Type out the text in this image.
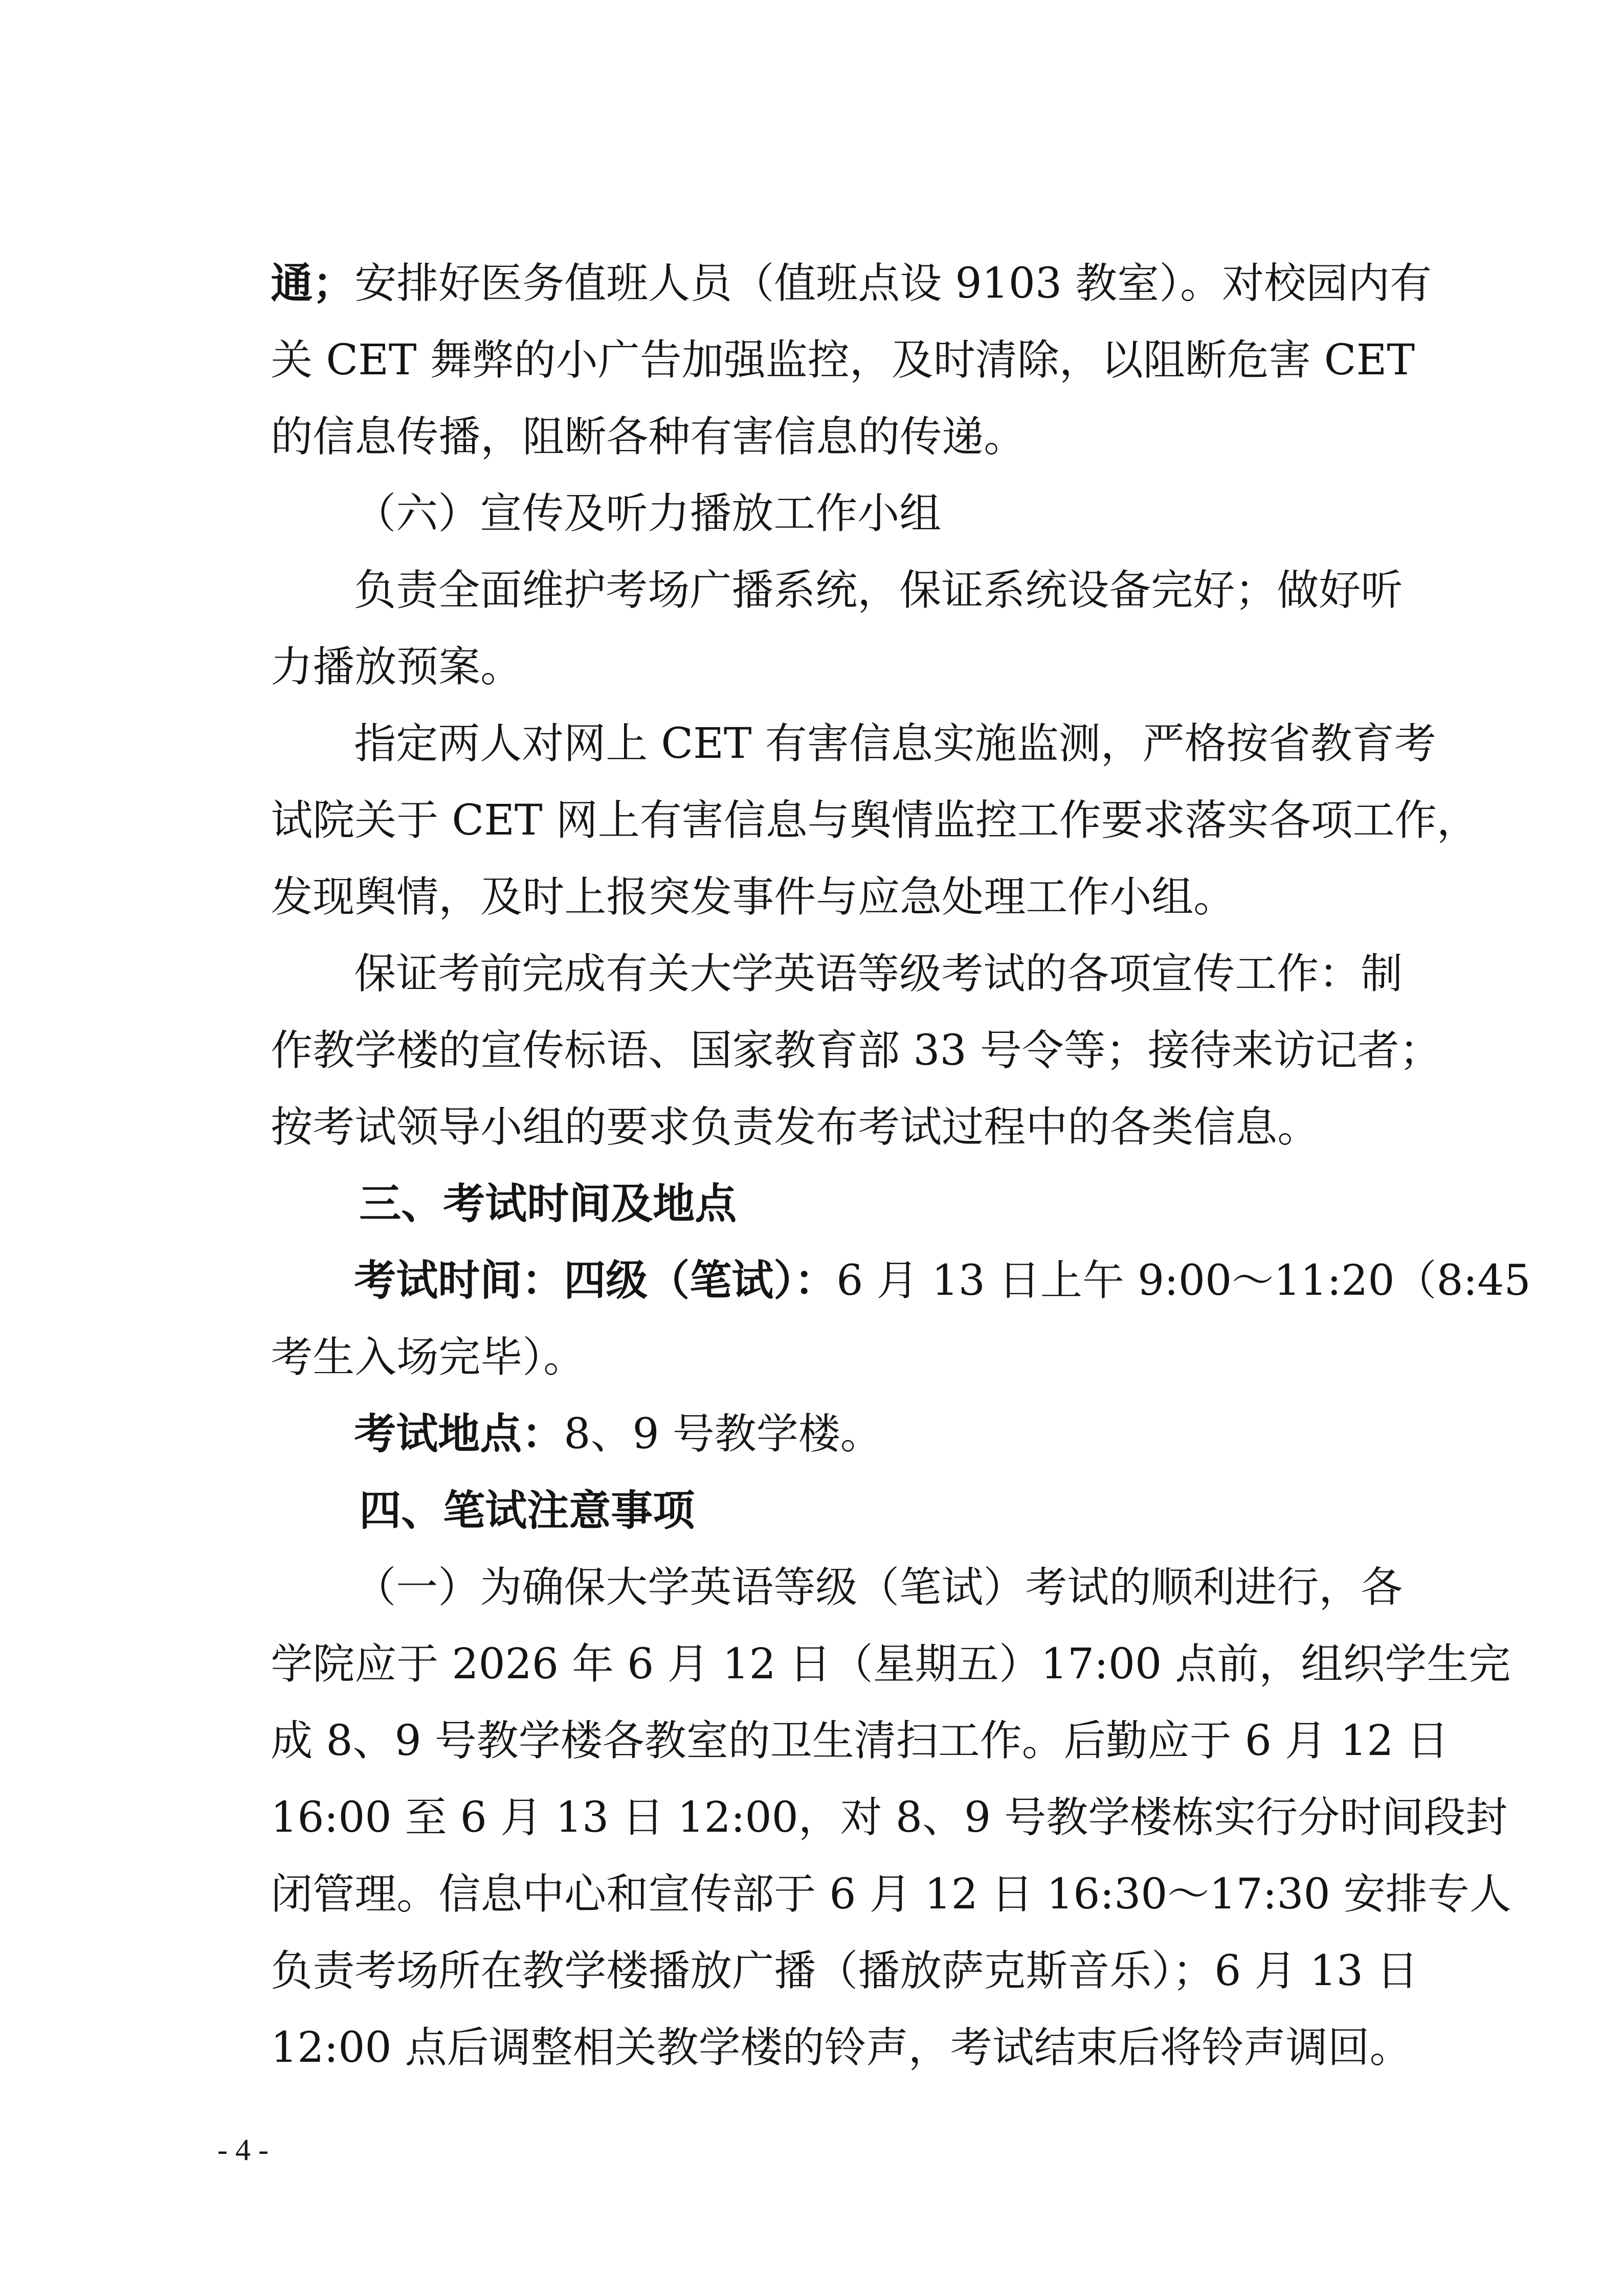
通；安排好医务值班人员（值班点设 9103 教室）。对校园内有

关 CET 舞弊的小广告加强监控，及时清除，以阻断危害 CET

的信息传播，阻断各种有害信息的传递。

（六）宣传及听力播放工作小组

负责全面维护考场广播系统，保证系统设备完好；做好听

力播放预案。

指定两人对网上 CET 有害信息实施监测，严格按省教育考

试院关于 CET 网上有害信息与舆情监控工作要求落实各项工作，

发现舆情，及时上报突发事件与应急处理工作小组。

保证考前完成有关大学英语等级考试的各项宣传工作：制

作教学楼的宣传标语、国家教育部 33 号令等；接待来访记者；

按考试领导小组的要求负责发布考试过程中的各类信息。

三、考试时间及地点

考试时间：四级（笔试）：6 月 13 日上午 9:00～11:20（8:45

考生入场完毕）。

考试地点：8、9 号教学楼。

四、笔试注意事项

（一）为确保大学英语等级（笔试）考试的顺利进行，各

学院应于 2026 年 6 月 12 日（星期五）17:00 点前，组织学生完

成 8、9 号教学楼各教室的卫生清扫工作。后勤应于 6 月 12 日

16:00 至 6 月 13 日 12:00，对 8、9 号教学楼栋实行分时间段封

闭管理。信息中心和宣传部于 6 月 12 日 16:30～17:30 安排专人

负责考场所在教学楼播放广播（播放萨克斯音乐）；6 月 13 日

12:00 点后调整相关教学楼的铃声，考试结束后将铃声调回。

- 4 -
